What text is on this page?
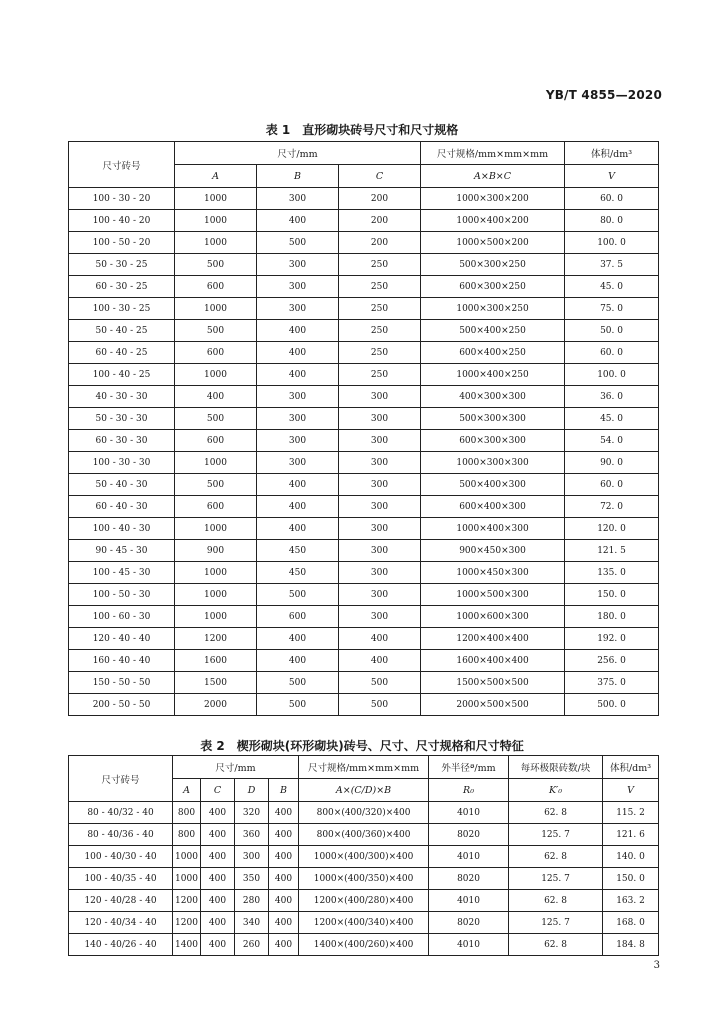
YB/T 4855—2020
表 1　直形砌块砖号尺寸和尺寸规格
尺寸砖号	尺寸/mm			尺寸规格/mm×mm×mm	体积/dm³
	A	B	C	A×B×C	V
100 - 30 - 20	1000	300	200	1000×300×200	60. 0
100 - 40 - 20	1000	400	200	1000×400×200	80. 0
100 - 50 - 20	1000	500	200	1000×500×200	100. 0
50 - 30 - 25	500	300	250	500×300×250	37. 5
60 - 30 - 25	600	300	250	600×300×250	45. 0
100 - 30 - 25	1000	300	250	1000×300×250	75. 0
50 - 40 - 25	500	400	250	500×400×250	50. 0
60 - 40 - 25	600	400	250	600×400×250	60. 0
100 - 40 - 25	1000	400	250	1000×400×250	100. 0
40 - 30 - 30	400	300	300	400×300×300	36. 0
50 - 30 - 30	500	300	300	500×300×300	45. 0
60 - 30 - 30	600	300	300	600×300×300	54. 0
100 - 30 - 30	1000	300	300	1000×300×300	90. 0
50 - 40 - 30	500	400	300	500×400×300	60. 0
60 - 40 - 30	600	400	300	600×400×300	72. 0
100 - 40 - 30	1000	400	300	1000×400×300	120. 0
90 - 45 - 30	900	450	300	900×450×300	121. 5
100 - 45 - 30	1000	450	300	1000×450×300	135. 0
100 - 50 - 30	1000	500	300	1000×500×300	150. 0
100 - 60 - 30	1000	600	300	1000×600×300	180. 0
120 - 40 - 40	1200	400	400	1200×400×400	192. 0
160 - 40 - 40	1600	400	400	1600×400×400	256. 0
150 - 50 - 50	1500	500	500	1500×500×500	375. 0
200 - 50 - 50	2000	500	500	2000×500×500	500. 0
表 2　楔形砌块(环形砌块)砖号、尺寸、尺寸规格和尺寸特征
尺寸砖号	尺寸/mm				尺寸规格/mm×mm×mm	外半径ª/mm	每环极限砖数/块	体积/dm³
	A	C	D	B	A×(C/D)×B	R₀	K′₀	V
80 - 40/32 - 40	800	400	320	400	800×(400/320)×400	4010	62. 8	115. 2
80 - 40/36 - 40	800	400	360	400	800×(400/360)×400	8020	125. 7	121. 6
100 - 40/30 - 40	1000	400	300	400	1000×(400/300)×400	4010	62. 8	140. 0
100 - 40/35 - 40	1000	400	350	400	1000×(400/350)×400	8020	125. 7	150. 0
120 - 40/28 - 40	1200	400	280	400	1200×(400/280)×400	4010	62. 8	163. 2
120 - 40/34 - 40	1200	400	340	400	1200×(400/340)×400	8020	125. 7	168. 0
140 - 40/26 - 40	1400	400	260	400	1400×(400/260)×400	4010	62. 8	184. 8
3
